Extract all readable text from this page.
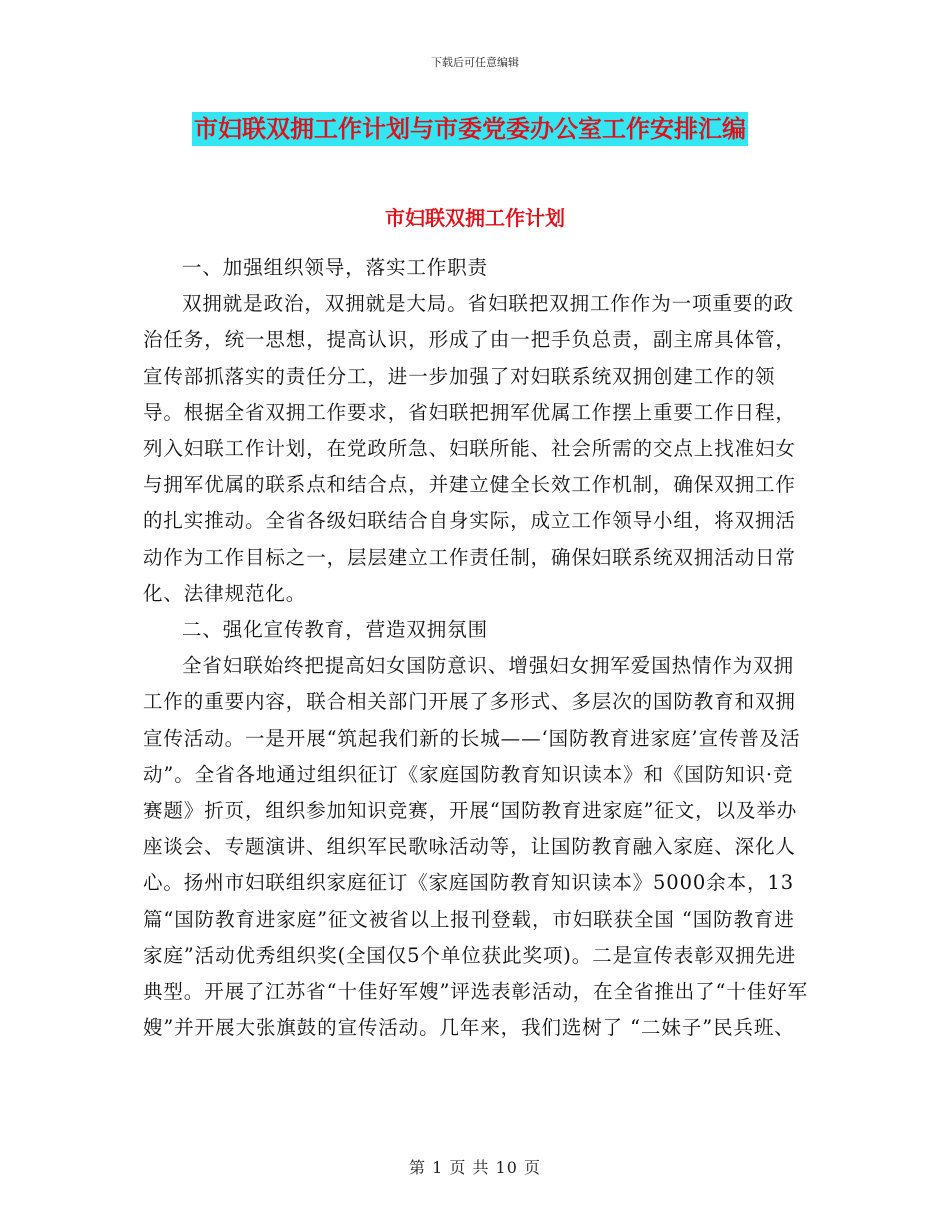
下载后可任意编辑
市妇联双拥工作计划与市委党委办公室工作安排汇编
市妇联双拥工作计划

一、加强组织领导，落实工作职责

双拥就是政治，双拥就是大局。省妇联把双拥工作作为一项重要的政治任务，统一思想，提高认识，形成了由一把手负总责，副主席具体管，宣传部抓落实的责任分工，进一步加强了对妇联系统双拥创建工作的领导。根据全省双拥工作要求，省妇联把拥军优属工作摆上重要工作日程，列入妇联工作计划，在党政所急、妇联所能、社会所需的交点上找准妇女与拥军优属的联系点和结合点，并建立健全长效工作机制，确保双拥工作的扎实推动。全省各级妇联结合自身实际，成立工作领导小组，将双拥活动作为工作目标之一，层层建立工作责任制，确保妇联系统双拥活动日常化、法律规范化。

二、强化宣传教育，营造双拥氛围

全省妇联始终把提高妇女国防意识、增强妇女拥军爱国热情作为双拥工作的重要内容，联合相关部门开展了多形式、多层次的国防教育和双拥宣传活动。一是开展“筑起我们新的长城——‘国防教育进家庭’宣传普及活动”。全省各地通过组织征订《家庭国防教育知识读本》和《国防知识·竞赛题》折页，组织参加知识竞赛，开展“国防教育进家庭”征文，以及举办座谈会、专题演讲、组织军民歌咏活动等，让国防教育融入家庭、深化人心。扬州市妇联组织家庭征订《家庭国防教育知识读本》5000余本，13篇“国防教育进家庭”征文被省以上报刊登载，市妇联获全国 “国防教育进家庭”活动优秀组织奖(全国仅5个单位获此奖项)。二是宣传表彰双拥先进典型。开展了江苏省“十佳好军嫂”评选表彰活动，在全省推出了“十佳好军嫂”并开展大张旗鼓的宣传活动。几年来，我们选树了 “二妹子”民兵班、

第 1 页 共 10 页
